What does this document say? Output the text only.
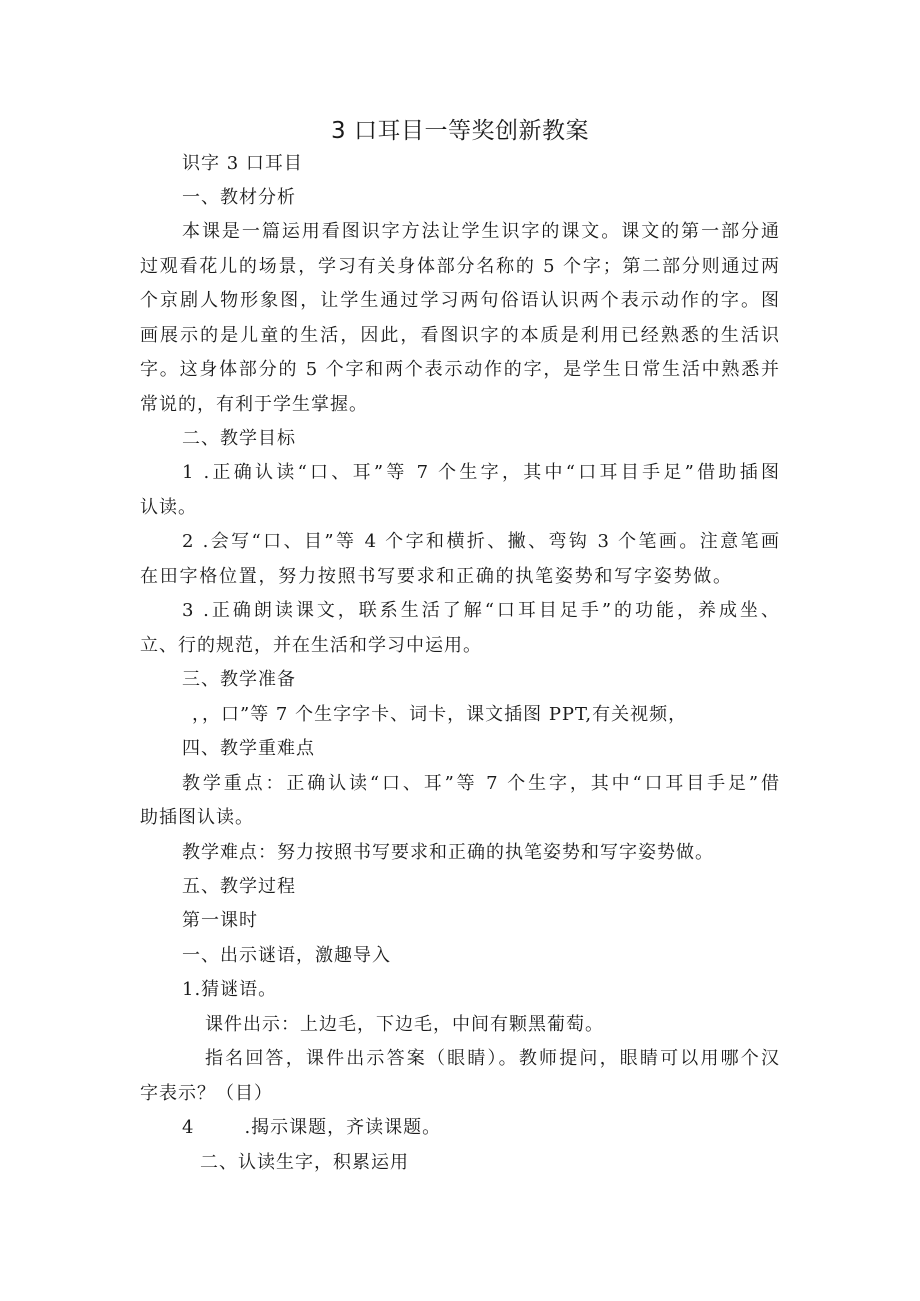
3 口耳目一等奖创新教案

识字 3 口耳目

一、教材分析

本课是一篇运用看图识字方法让学生识字的课文。课文的第一部分通

过观看花儿的场景，学习有关身体部分名称的 5 个字；第二部分则通过两

个京剧人物形象图，让学生通过学习两句俗语认识两个表示动作的字。图

画展示的是儿童的生活，因此，看图识字的本质是利用已经熟悉的生活识

字。这身体部分的 5 个字和两个表示动作的字，是学生日常生活中熟悉并

常说的，有利于学生掌握。

二、教学目标

1 .正确认读“口、耳”等 7 个生字，其中“口耳目手足”借助插图

认读。

2 .会写“口、目”等 4 个字和横折、撇、弯钩 3 个笔画。注意笔画

在田字格位置，努力按照书写要求和正确的执笔姿势和写字姿势做。

3 .正确朗读课文，联系生活了解“口耳目足手”的功能，养成坐、

立、行的规范，并在生活和学习中运用。

三、教学准备

，，口”等 7 个生字字卡、词卡，课文插图 PPT,有关视频，

四、教学重难点

教学重点：正确认读“口、耳”等 7 个生字，其中“口耳目手足”借

助插图认读。

教学难点：努力按照书写要求和正确的执笔姿势和写字姿势做。

五、教学过程

第一课时

一、出示谜语，激趣导入

1.猜谜语。

课件出示：上边毛，下边毛，中间有颗黑葡萄。

指名回答，课件出示答案（眼睛）。教师提问，眼睛可以用哪个汉

字表示？（目）

4	.揭示课题，齐读课题。

二、认读生字，积累运用
